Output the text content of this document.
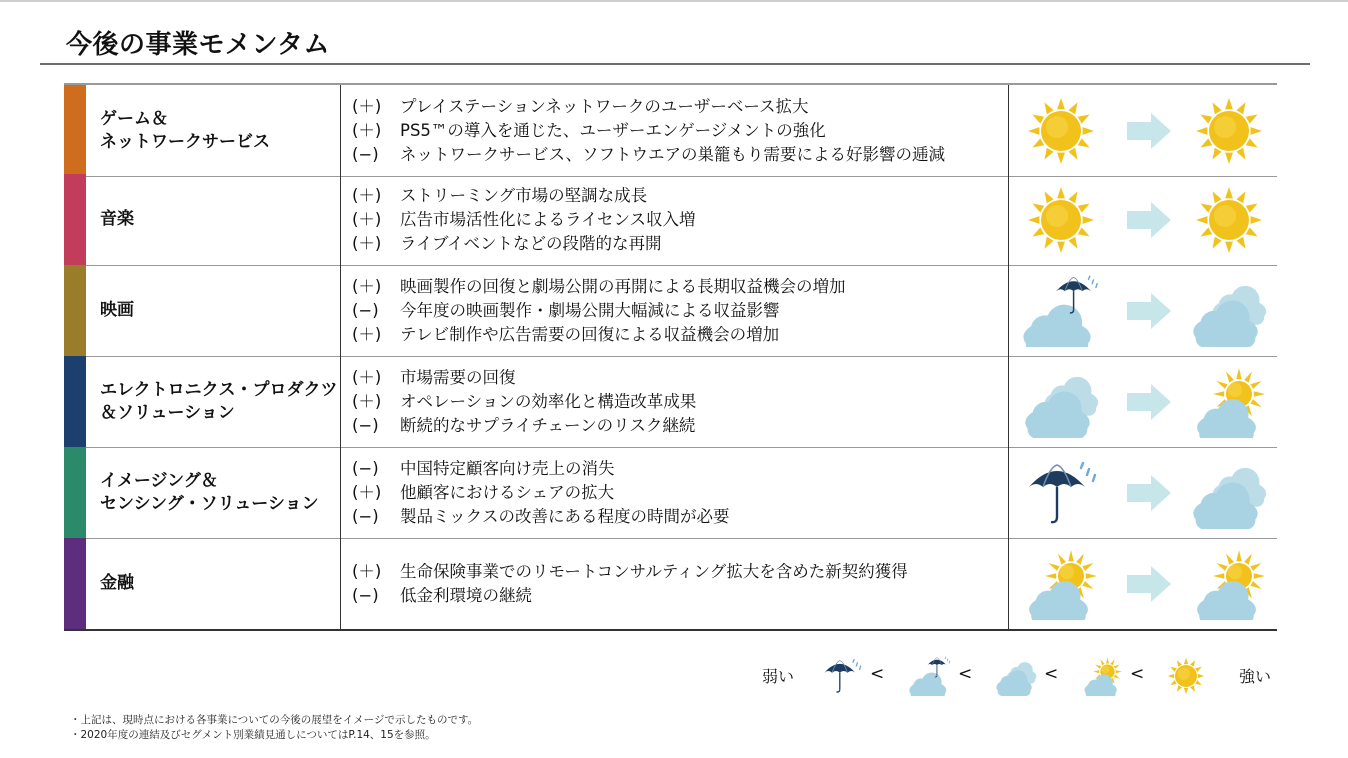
今後の事業モメンタム
ゲーム＆
ネットワークサービス
(＋)	プレイステーションネットワークのユーザーベース拡大
(＋)	PS5™の導入を通じた、ユーザーエンゲージメントの強化
(−)	ネットワークサービス、ソフトウエアの巣籠もり需要による好影響の逓減
音楽
(＋)	ストリーミング市場の堅調な成長
(＋)	広告市場活性化によるライセンス収入増
(＋)	ライブイベントなどの段階的な再開
映画
(＋)	映画製作の回復と劇場公開の再開による長期収益機会の増加
(−)	今年度の映画製作・劇場公開大幅減による収益影響
(＋)	テレビ制作や広告需要の回復による収益機会の増加
エレクトロニクス・プロダクツ
＆ソリューション
(＋)	市場需要の回復
(＋)	オペレーションの効率化と構造改革成果
(−)	断続的なサプライチェーンのリスク継続
イメージング＆
センシング・ソリューション
(−)	中国特定顧客向け売上の消失
(＋)	他顧客におけるシェアの拡大
(−)	製品ミックスの改善にある程度の時間が必要
金融
(＋)	生命保険事業でのリモートコンサルティング拡大を含めた新契約獲得
(−)	低金利環境の継続
弱い	強い
<	<	<	<
・上記は、現時点における各事業についての今後の展望をイメージで示したものです。
・2020年度の連結及びセグメント別業績見通しについてはP.14、15を参照。
